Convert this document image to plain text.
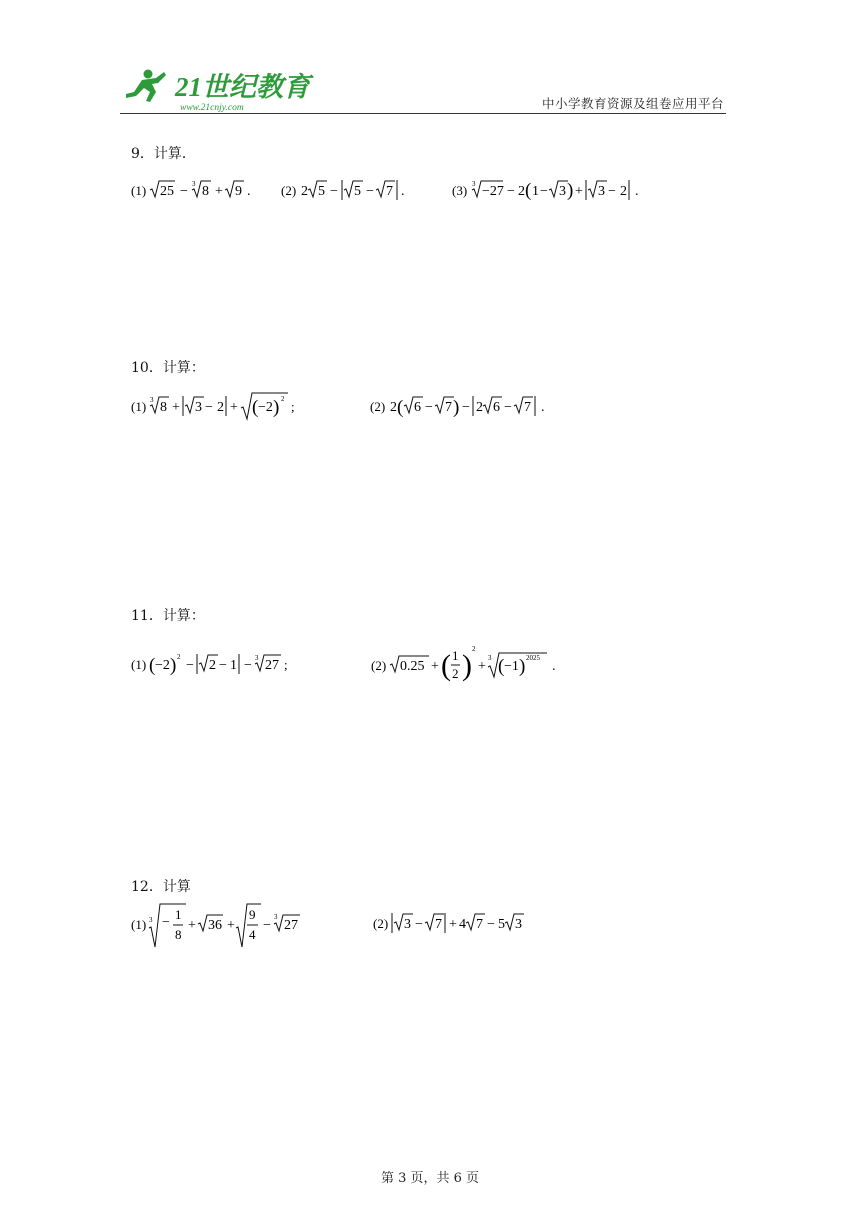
21世纪教育
www.21cnjy.com	中小学教育资源及组卷应用平台
9．计算．
(1) 25 − 3 8 + 9 . (2) 2 5 − 5 − 7 .	(3) 3 −27 − 2 ( 1 − 3 ) + 3 − 2 .
10．计算：
(1) 3 8 + 3 − 2 + ( −2 ) 2 ;	(2) 2 ( 6 − 7 ) − 2 6 − 7 .
11．计算：
(1) ( −2 ) 2
− 2 − 1 − 3 27 ;	(2) 0.25 + ( 1
2 ) 2
+
3 ( −1 ) 2025
.
12．计算
(1) 3 −
1
8
+ 36 +
9
4
−
3
27	(2) 3 − 7 + 4 7 − 5 3
第 3 页，共 6 页
